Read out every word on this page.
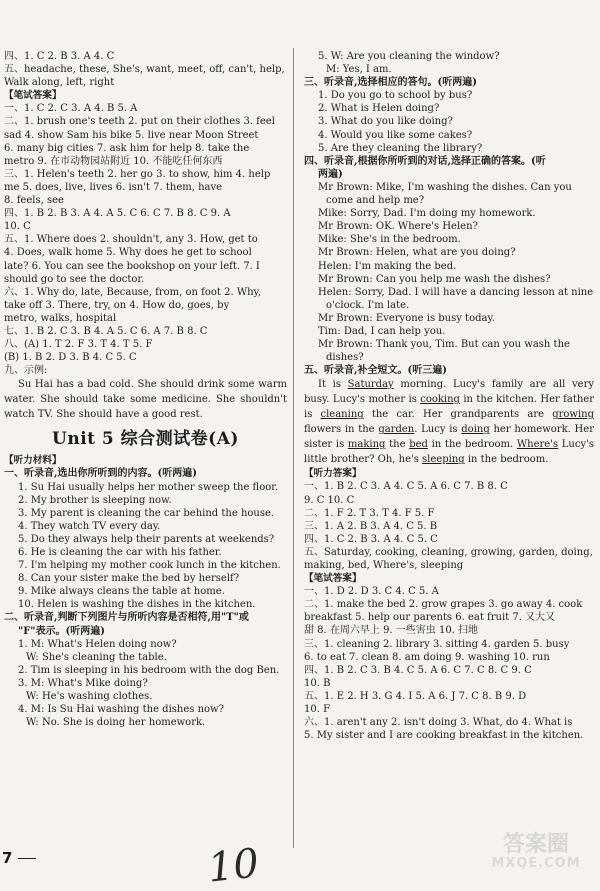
四、1. C 2. B 3. A 4. C
五、headache, these, She's, want, meet, off, can't, help,
Walk along, left, right
【笔试答案】
一、1. C 2. C 3. A 4. B 5. A
二、1. brush one's teeth 2. put on their clothes 3. feel
sad 4. show Sam his bike 5. live near Moon Street
6. many big cities 7. ask him for help 8. take the
metro 9. 在市动物园站附近 10. 不能吃任何东西
三、1. Helen's teeth 2. her go 3. to show, him 4. help
me 5. does, live, lives 6. isn't 7. them, have
8. feels, see
四、1. B 2. B 3. A 4. A 5. C 6. C 7. B 8. C 9. A
10. C
五、1. Where does 2. shouldn't, any 3. How, get to
4. Does, walk home 5. Why does he get to school
late? 6. You can see the bookshop on your left. 7. I
should go to see the doctor.
六、1. Why do, late, Because, from, on foot 2. Why,
take off 3. There, try, on 4. How do, goes, by
metro, walks, hospital
七、1. B 2. C 3. B 4. A 5. C 6. A 7. B 8. C
八、(A) 1. T 2. F 3. T 4. T 5. F
(B) 1. B 2. D 3. B 4. C 5. C
九、示例:
Su Hai has a bad cold. She should drink some warm water. She should take some medicine. She shouldn't watch TV. She should have a good rest.
Unit 5 综合测试卷(A)
【听力材料】
一、听录音,选出你所听到的内容。(听两遍)
1. Su Hai usually helps her mother sweep the floor.
2. My brother is sleeping now.
3. My parent is cleaning the car behind the house.
4. They watch TV every day.
5. Do they always help their parents at weekends?
6. He is cleaning the car with his father.
7. I'm helping my mother cook lunch in the kitchen.
8. Can your sister make the bed by herself?
9. Mike always cleans the table at home.
10. Helen is washing the dishes in the kitchen.
二、听录音,判断下列图片与所听内容是否相符,用"T"或
"F"表示。(听两遍)
1. M: What's Helen doing now?
W: She's cleaning the table.
2. Tim is sleeping in his bedroom with the dog Ben.
3. M: What's Mike doing?
W: He's washing clothes.
4. M: Is Su Hai washing the dishes now?
W: No. She is doing her homework.
5. W: Are you cleaning the window?
M: Yes, I am.
三、听录音,选择相应的答句。(听两遍)
1. Do you go to school by bus?
2. What is Helen doing?
3. What do you like doing?
4. Would you like some cakes?
5. Are they cleaning the library?
四、听录音,根据你所听到的对话,选择正确的答案。(听
两遍)
Mr Brown: Mike, I'm washing the dishes. Can you
come and help me?
Mike: Sorry, Dad. I'm doing my homework.
Mr Brown: OK. Where's Helen?
Mike: She's in the bedroom.
Mr Brown: Helen, what are you doing?
Helen: I'm making the bed.
Mr Brown: Can you help me wash the dishes?
Helen: Sorry, Dad. I will have a dancing lesson at nine
o'clock. I'm late.
Mr Brown: Everyone is busy today.
Tim: Dad, I can help you.
Mr Brown: Thank you, Tim. But can you wash the
dishes?
五、听录音,补全短文。(听三遍)
It is Saturday morning. Lucy's family are all very busy. Lucy's mother is cooking in the kitchen. Her father is cleaning the car. Her grandparents are growing flowers in the garden. Lucy is doing her homework. Her sister is making the bed in the bedroom. Where's Lucy's little brother? Oh, he's sleeping in the bedroom.
【听力答案】
一、1. B 2. C 3. A 4. C 5. A 6. C 7. B 8. C
9. C 10. C
二、1. F 2. T 3. T 4. F 5. F
三、1. A 2. B 3. A 4. C 5. B
四、1. C 2. B 3. A 4. C 5. C
五、Saturday, cooking, cleaning, growing, garden, doing,
making, bed, Where's, sleeping
【笔试答案】
一、1. D 2. D 3. C 4. C 5. A
二、1. make the bed 2. grow grapes 3. go away 4. cook
breakfast 5. help our parents 6. eat fruit 7. 又大又
甜 8. 在周六早上 9. 一些害虫 10. 扫地
三、1. cleaning 2. library 3. sitting 4. garden 5. busy
6. to eat 7. clean 8. am doing 9. washing 10. run
四、1. B 2. C 3. B 4. C 5. A 6. C 7. C 8. C 9. C
10. B
五、1. E 2. H 3. G 4. I 5. A 6. J 7. C 8. B 9. D
10. F
六、1. aren't any 2. isn't doing 3. What, do 4. What is
5. My sister and I are cooking breakfast in the kitchen.
7	10	答案圈
MXQE.COM
